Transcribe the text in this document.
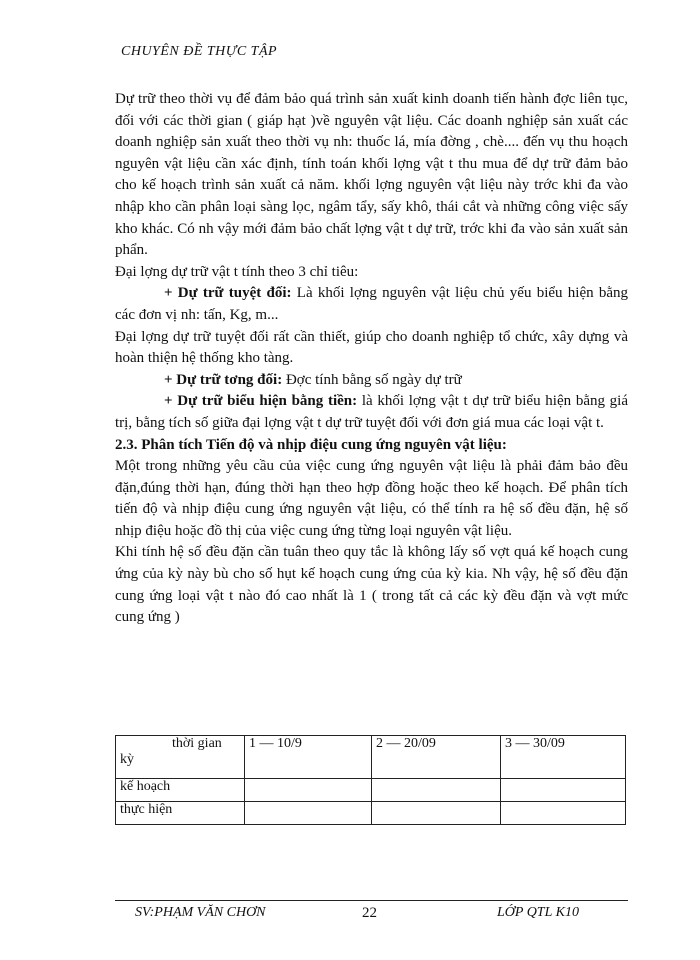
CHUYÊN ĐỀ THỰC TẬP

Dự trữ theo thời vụ để đảm bảo quá trình sản xuất kinh doanh tiến hành đợc liên tục, đối với các thời gian ( giáp hạt )về nguyên vật liệu. Các doanh nghiệp sản xuất các doanh nghiệp sản xuất theo thời vụ nh: thuốc lá, mía đờng , chè.... đến vụ thu hoạch nguyên vật liệu cần xác định, tính toán khối lợng vật t thu mua để dự trữ đảm bảo cho kế hoạch trình sản xuất cả năm. khối lợng nguyên vật liệu này trớc khi đa vào nhập kho cần phân loại sàng lọc, ngâm tẩy, sấy khô, thái cắt và những công việc sấy kho khác. Có nh vậy mới đảm bảo chất lợng vật t dự trữ, trớc khi đa vào sản xuất sản phẩn.

Đại lợng dự trữ vật t tính theo 3 chỉ tiêu:

+ Dự trữ tuyệt đối: Là khối lợng nguyên vật liệu chủ yếu biểu hiện bằng các đơn vị nh: tấn, Kg, m...

Đại lợng dự trữ tuyệt đối rất cần thiết, giúp cho doanh nghiệp tổ chức, xây dựng và hoàn thiện hệ thống kho tàng.

+ Dự trữ tơng đối: Đợc tính bằng số ngày dự trữ

+ Dự trữ biểu hiện bằng tiền: là khối lợng vật t dự trữ biểu hiện bằng giá trị, bằng tích số giữa đại lợng vật t dự trữ tuyệt đối với đơn giá mua các loại vật t.

2.3. Phân tích Tiến độ và nhịp điệu cung ứng nguyên vật liệu:

Một trong những yêu cầu của việc cung ứng nguyên vật liệu là phải đảm bảo đều đặn,đúng thời hạn, đúng thời hạn theo hợp đồng hoặc theo kế hoạch. Để phân tích tiến độ và nhịp điệu cung ứng nguyên vật liệu, có thể tính ra hệ số đều đặn, hệ số nhịp điệu hoặc đồ thị của việc cung ứng từng loại nguyên vật liệu.

Khi tính hệ số đều đặn cần tuân theo quy tắc là không lấy số vợt quá kế hoạch cung ứng của kỳ này bù cho số hụt kế hoạch cung ứng của kỳ kia. Nh vậy, hệ số đều đặn cung ứng loại vật t nào đó cao nhất là 1 ( trong tất cả các kỳ đều đặn và vợt mức cung ứng )

thời gian
kỳ	1 — 10/9	2 — 20/09	3 — 30/09
kế hoạch			
thực hiện			
SV:PHẠM VĂN CHƠN	22	LỚP QTL K10
